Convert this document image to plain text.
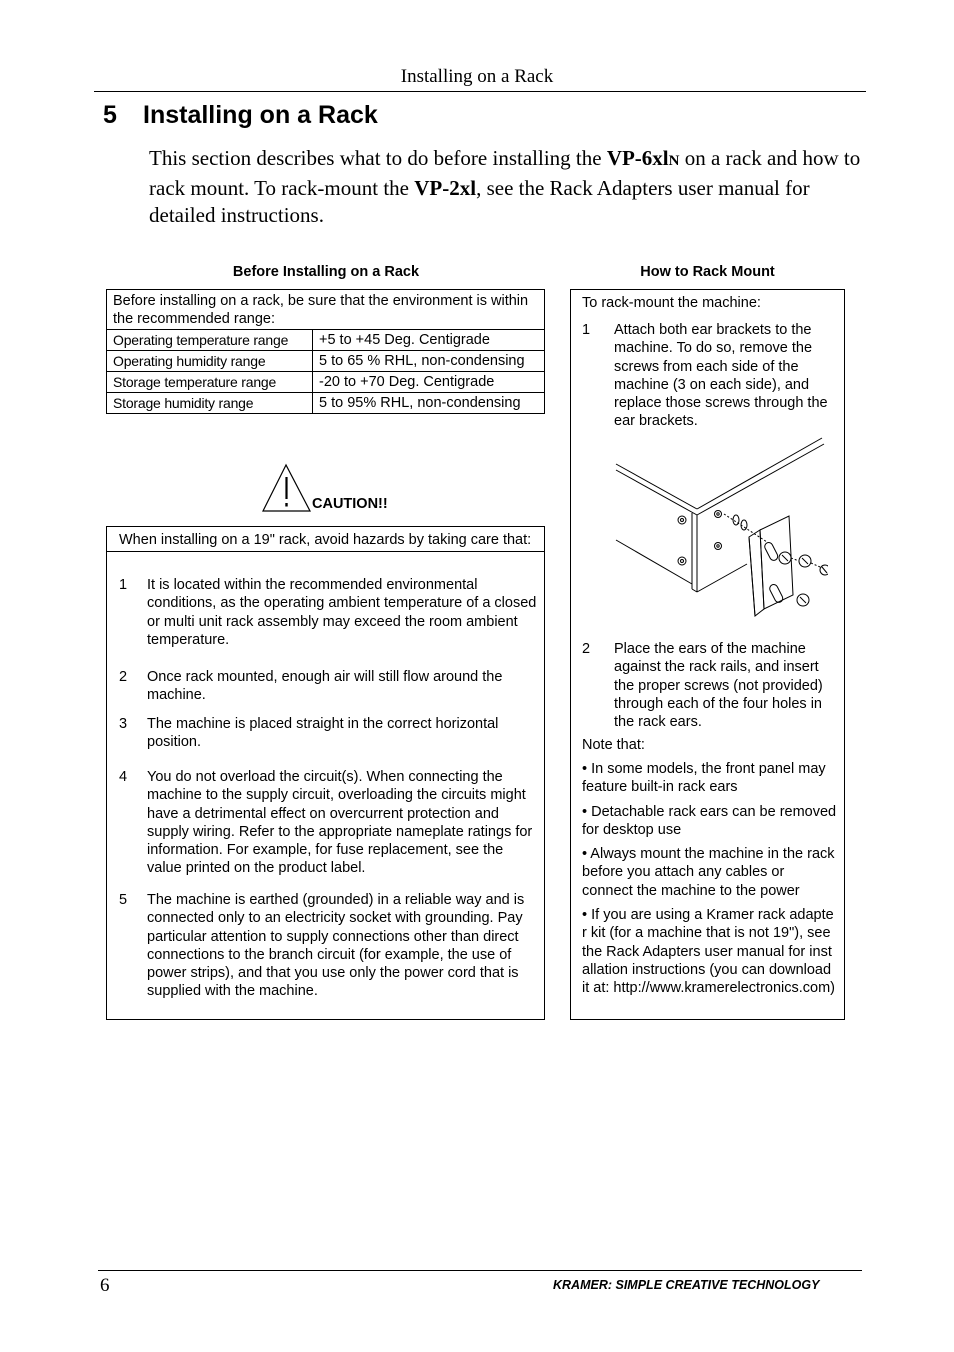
Installing on a Rack
5 Installing on a Rack
This section describes what to do before installing the VP-6xlN on a rack and how to rack mount. To rack-mount the VP-2xl, see the Rack Adapters user manual for detailed instructions.
Before Installing on a Rack	How to Rack Mount
Before installing on a rack, be sure that the environment is within the recommended range:	
Operating temperature range	+5 to +45 Deg. Centigrade
Operating humidity range	5 to 65 % RHL, non-condensing
Storage temperature range	-20 to +70 Deg. Centigrade
Storage humidity range	5 to 95% RHL, non-condensing
CAUTION!!
When installing on a 19" rack, avoid hazards by taking care that:
1 It is located within the recommended environmental conditions, as the operating ambient temperature of a closed or multi unit rack assembly may exceed the room ambient temperature.
2 Once rack mounted, enough air will still flow around the machine.
3 The machine is placed straight in the correct horizontal position.
4 You do not overload the circuit(s). When connecting the machine to the supply circuit, overloading the circuits might have a detrimental effect on overcurrent protection and supply wiring. Refer to the appropriate nameplate ratings for information. For example, for fuse replacement, see the value printed on the product label.
5 The machine is earthed (grounded) in a reliable way and is connected only to an electricity socket with grounding. Pay particular attention to supply connections other than direct connections to the branch circuit (for example, the use of power strips), and that you use only the power cord that is supplied with the machine.
To rack-mount the machine:
1 Attach both ear brackets to the machine. To do so, remove the screws from each side of the machine (3 on each side), and replace those screws through the ear brackets.
2 Place the ears of the machine against the rack rails, and insert the proper screws (not provided) through each of the four holes in the rack ears.
Note that:
• In some models, the front panel may feature built-in rack ears
• Detachable rack ears can be removed for desktop use
• Always mount the machine in the rack before you attach any cables or connect the machine to the power
• If you are using a Kramer rack adapter kit (for a machine that is not 19"), see the Rack Adapters user manual for installation instructions (you can download it at: http://www.kramerelectronics.com)
6	KRAMER: SIMPLE CREATIVE TECHNOLOGY
